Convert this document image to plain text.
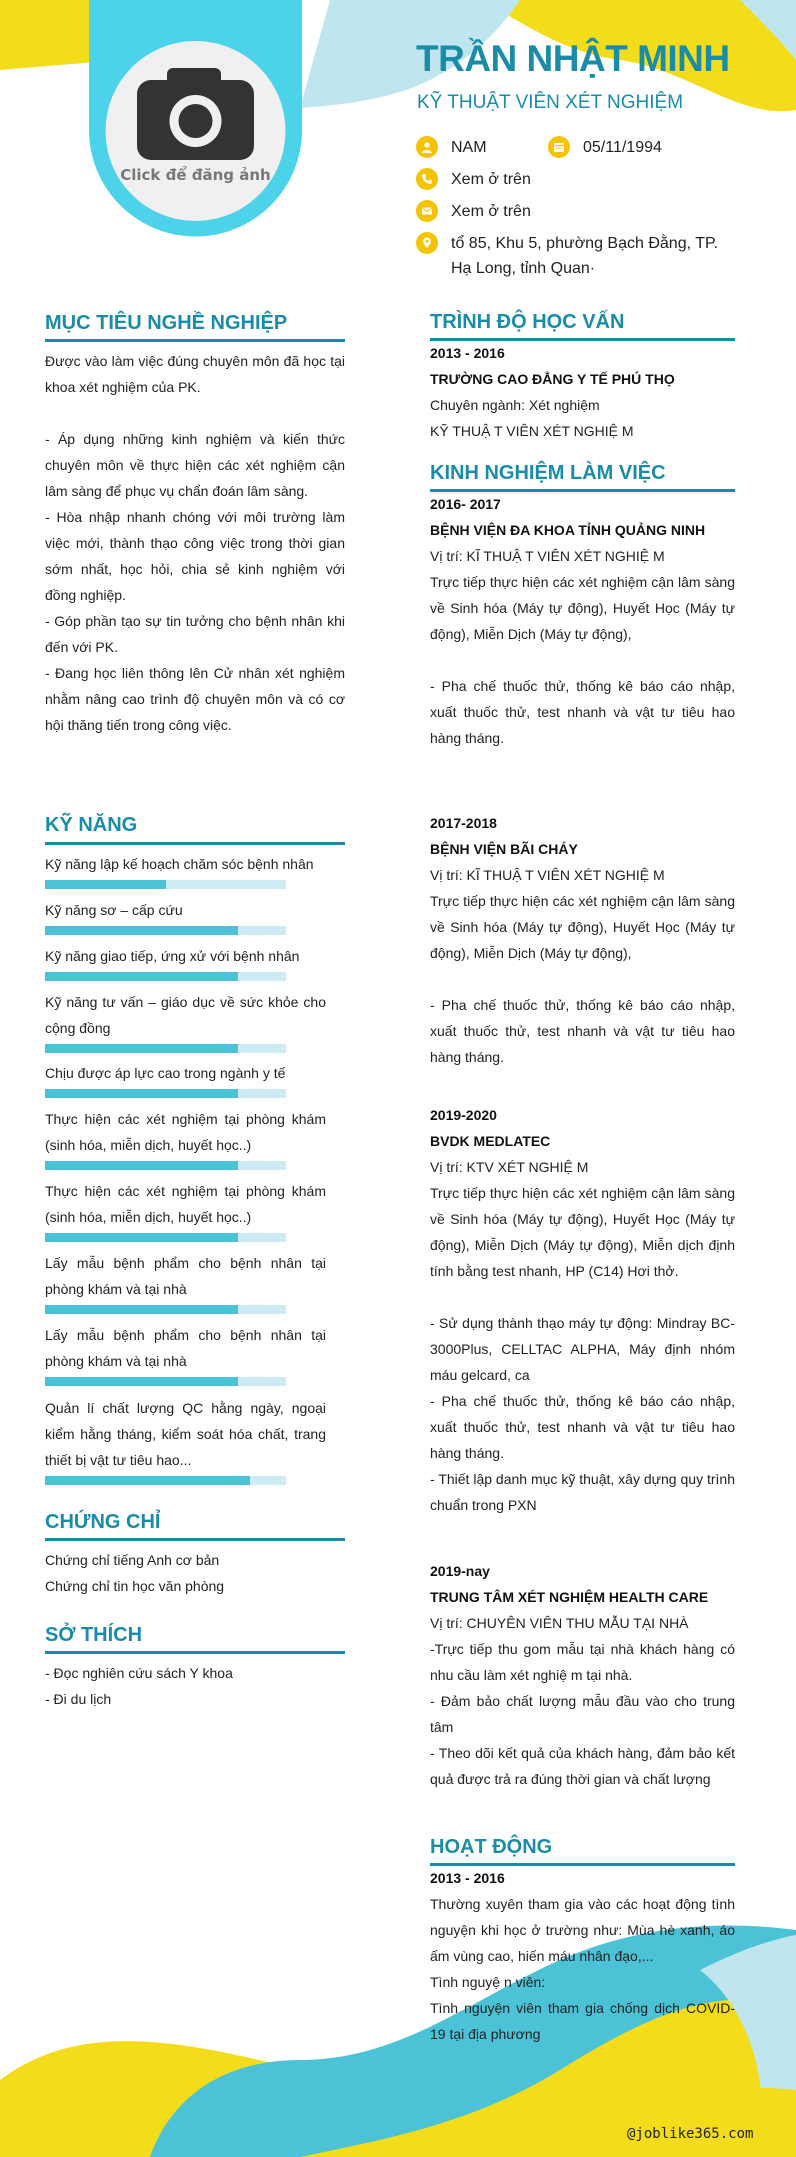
Click để đăng ảnh
TRẦN NHẬT MINH
KỸ THUẬT VIÊN XÉT NGHIỆM
NAM	05/11/1994
Xem ở trên
Xem ở trên
tổ 85, Khu 5, phường Bạch Đằng, TP. Hạ Long, tỉnh Quan·
MỤC TIÊU NGHỀ NGHIỆP
Được vào làm việc đúng chuyên môn đã học tại khoa xét nghiệm của PK.
- Áp dụng những kinh nghiệm và kiến thức chuyên môn về thực hiện các xét nghiệm cận lâm sàng để phục vụ chẩn đoán lâm sàng.
- Hòa nhập nhanh chóng với môi trường làm việc mới, thành thạo công việc trong thời gian sớm nhất, học hỏi, chia sẻ kinh nghiệm với đồng nghiệp.
- Góp phần tạo sự tin tưởng cho bệnh nhân khi đến với PK.
- Đang học liên thông lên Cử nhân xét nghiệm nhằm nâng cao trình độ chuyên môn và có cơ hội thăng tiến trong công việc.
KỸ NĂNG
Kỹ năng lập kế hoạch chăm sóc bệnh nhân
Kỹ năng sơ – cấp cứu
Kỹ năng giao tiếp, ứng xử với bệnh nhân
Kỹ năng tư vấn – giáo dục về sức khỏe cho cộng đồng
Chịu được áp lực cao trong ngành y tế
Thực hiện các xét nghiệm tại phòng khám (sinh hóa, miễn dịch, huyết học..)
Thực hiện các xét nghiệm tại phòng khám (sinh hóa, miễn dịch, huyết học..)
Lấy mẫu bệnh phẩm cho bệnh nhân tại phòng khám và tại nhà
Lấy mẫu bệnh phẩm cho bệnh nhân tại phòng khám và tại nhà
Quản lí chất lượng QC hằng ngày, ngoại kiểm hằng tháng, kiểm soát hóa chất, trang thiết bị vật tư tiêu hao...
CHỨNG CHỈ
Chứng chỉ tiếng Anh cơ bản
Chứng chỉ tin học văn phòng
SỞ THÍCH
- Đọc nghiên cứu sách Y khoa
- Đi du lịch
TRÌNH ĐỘ HỌC VẤN
2013 - 2016
TRƯỜNG CAO ĐẲNG Y TẾ PHÚ THỌ
Chuyên ngành: Xét nghiệm
KỸ THUẬ T VIÊN XÉT NGHIỆ M
KINH NGHIỆM LÀM VIỆC
2016- 2017
BỆNH VIỆN ĐA KHOA TỈNH QUẢNG NINH
Vị trí: KĨ THUẬ T VIÊN XÉT NGHIỆ M
Trực tiếp thực hiện các xét nghiệm cận lâm sàng về Sinh hóa (Máy tự động), Huyết Học (Máy tự động), Miễn Dịch (Máy tự động),
- Pha chế thuốc thử, thống kê báo cáo nhập, xuất thuốc thử, test nhanh và vật tư tiêu hao hàng tháng.
2017-2018
BỆNH VIỆN BÃI CHÁY
Vị trí: KĨ THUẬ T VIÊN XÉT NGHIỆ M
Trực tiếp thực hiện các xét nghiệm cận lâm sàng về Sinh hóa (Máy tự động), Huyết Học (Máy tự động), Miễn Dịch (Máy tự động),
- Pha chế thuốc thử, thống kê báo cáo nhập, xuất thuốc thử, test nhanh và vật tư tiêu hao hàng tháng.
2019-2020
BVDK MEDLATEC
Vị trí: KTV XÉT NGHIỆ M
Trực tiếp thực hiện các xét nghiệm cận lâm sàng về Sinh hóa (Máy tự động), Huyết Học (Máy tự động), Miễn Dịch (Máy tự động), Miễn dịch định tính bằng test nhanh, HP (C14) Hơi thở.
- Sử dụng thành thạo máy tự động: Mindray BC-3000Plus, CELLTAC ALPHA, Máy định nhóm máu gelcard, ca
- Pha chế thuốc thử, thống kê báo cáo nhập, xuất thuốc thử, test nhanh và vật tư tiêu hao hàng tháng.
- Thiết lập danh mục kỹ thuật, xây dựng quy trình chuẩn trong PXN
2019-nay
TRUNG TÂM XÉT NGHIỆM HEALTH CARE
Vị trí: CHUYÊN VIÊN THU MẪU TẠI NHÀ
-Trực tiếp thu gom mẫu tại nhà khách hàng có nhu cầu làm xét nghiệ m tại nhà.
- Đảm bảo chất lượng mẫu đầu vào cho trung tâm
- Theo dõi kết quả của khách hàng, đảm bảo kết quả được trả ra đúng thời gian và chất lượng
HOẠT ĐỘNG
2013 - 2016
Thường xuyên tham gia vào các hoạt động tình nguyện khi học ở trường như: Mùa hè xanh, áo ấm vùng cao, hiến máu nhân đạo,...
Tình nguyệ n viên:
Tình nguyện viên tham gia chống dịch COVID-19 tại địa phương
@joblike365.com
